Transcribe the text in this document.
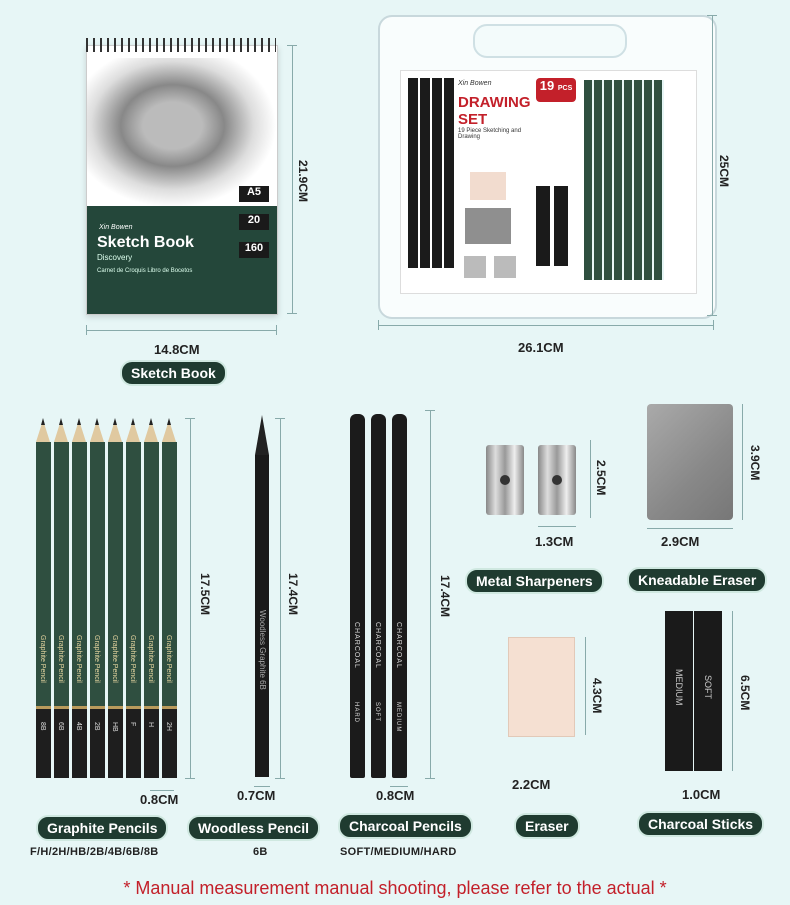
Xin Bowen
Sketch Book
Discovery
Carnet de Croquis Libro de Bocetos
A5
20
160
21.9CM
14.8CM
Sketch Book
Xin Bowen	19 PCS
DRAWING
SET
19 Piece Sketching and Drawing
25CM
26.1CM
Graphite Pencil
8B
Graphite Pencil
6B
Graphite Pencil
4B
Graphite Pencil
2B
Graphite Pencil
HB
Graphite Pencil
F
Graphite Pencil
H
Graphite Pencil
2H
17.5CM
0.8CM
Graphite Pencils
F/H/2H/HB/2B/4B/6B/8B
Woodless Graphite 6B
17.4CM
0.7CM
Woodless Pencil
6B
CHARCOAL
HARD
CHARCOAL
SOFT
CHARCOAL
MEDIUM
17.4CM
0.8CM
Charcoal Pencils
SOFT/MEDIUM/HARD
2.5CM
1.3CM
Metal Sharpeners
3.9CM
2.9CM
Kneadable Eraser
4.3CM
2.2CM
Eraser
MEDIUM SOFT 6.5CM
1.0CM
Charcoal Sticks
* Manual measurement manual shooting, please refer to the actual *
